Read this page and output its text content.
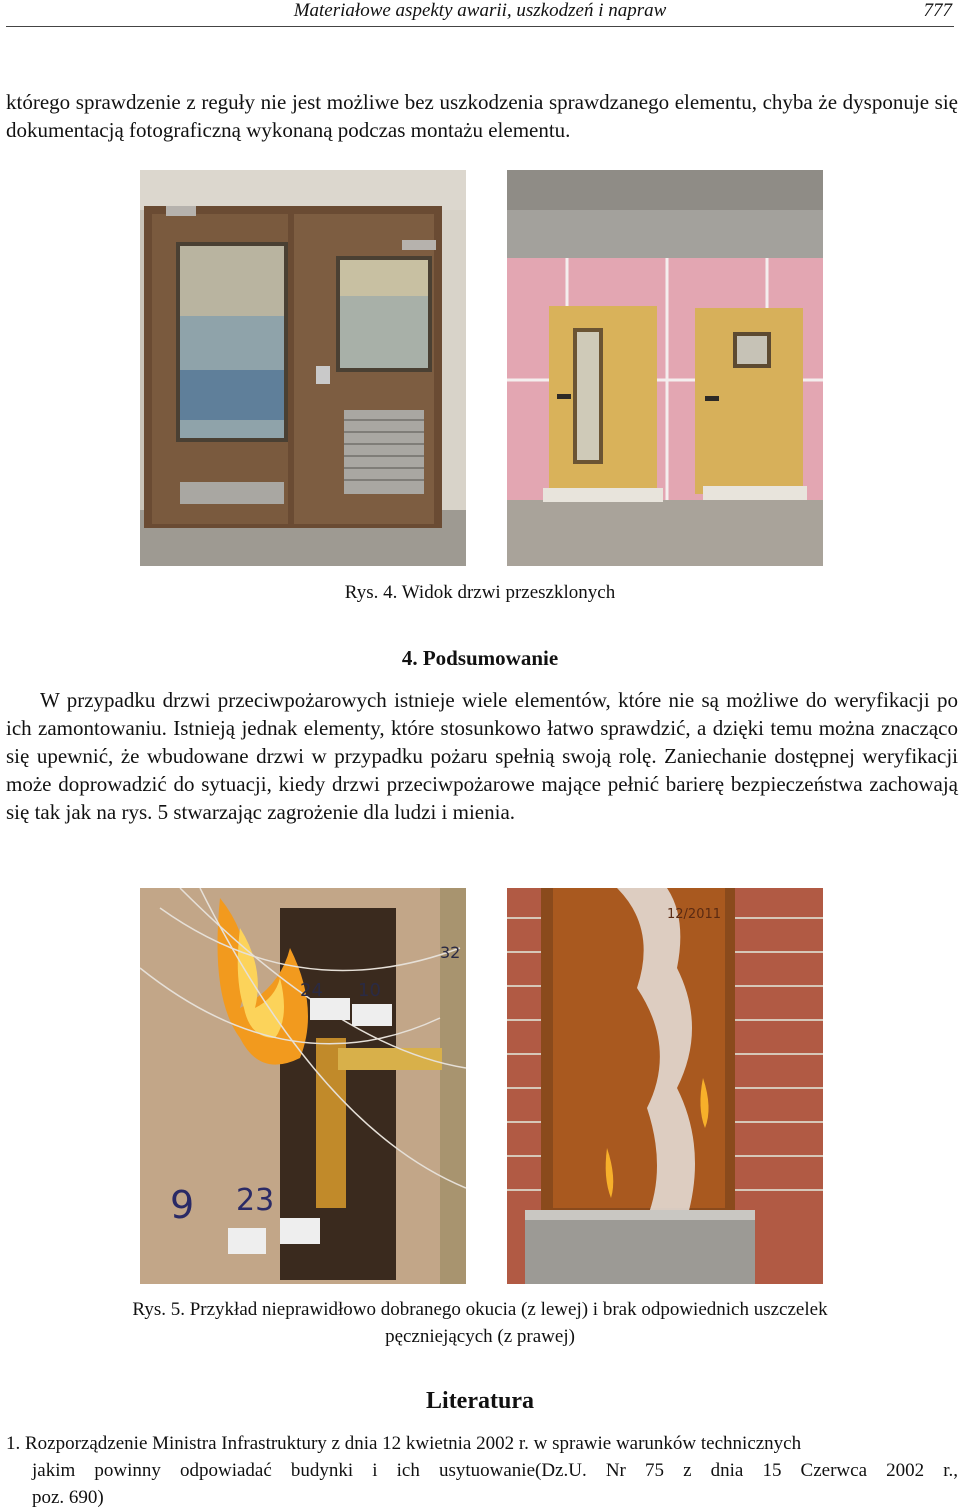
Materiałowe aspekty awarii, uszkodzeń i napraw	777
którego sprawdzenie z reguły nie jest możliwe bez uszkodzenia sprawdzanego elementu, chyba że dysponuje się dokumentacją fotograficzną wykonaną podczas montażu elementu.
Rys. 4. Widok drzwi przeszklonych
4. Podsumowanie
W przypadku drzwi przeciwpożarowych istnieje wiele elementów, które nie są możliwe do weryfikacji po ich zamontowaniu. Istnieją jednak elementy, które stosunkowo łatwo sprawdzić, a dzięki temu można znacząco się upewnić, że wbudowane drzwi w przypadku pożaru spełnią swoją rolę. Zaniechanie dostępnej weryfikacji może doprowadzić do sytuacji, kiedy drzwi przeciwpożarowe mające pełnić barierę bezpieczeństwa zachowają się tak jak na rys. 5 stwarzając zagrożenie dla ludzi i mienia.
24 10
32
9 23
12/2011
Rys. 5. Przykład nieprawidłowo dobranego okucia (z lewej) i brak odpowiednich uszczelek
pęczniejących (z prawej)
Literatura
1. Rozporządzenie Ministra Infrastruktury z dnia 12 kwietnia 2002 r. w sprawie warunków technicznych
jakim powinny odpowiadać budynki i ich usytuowanie(Dz.U. Nr 75 z dnia 15 Czerwca 2002 r.,
poz. 690)
